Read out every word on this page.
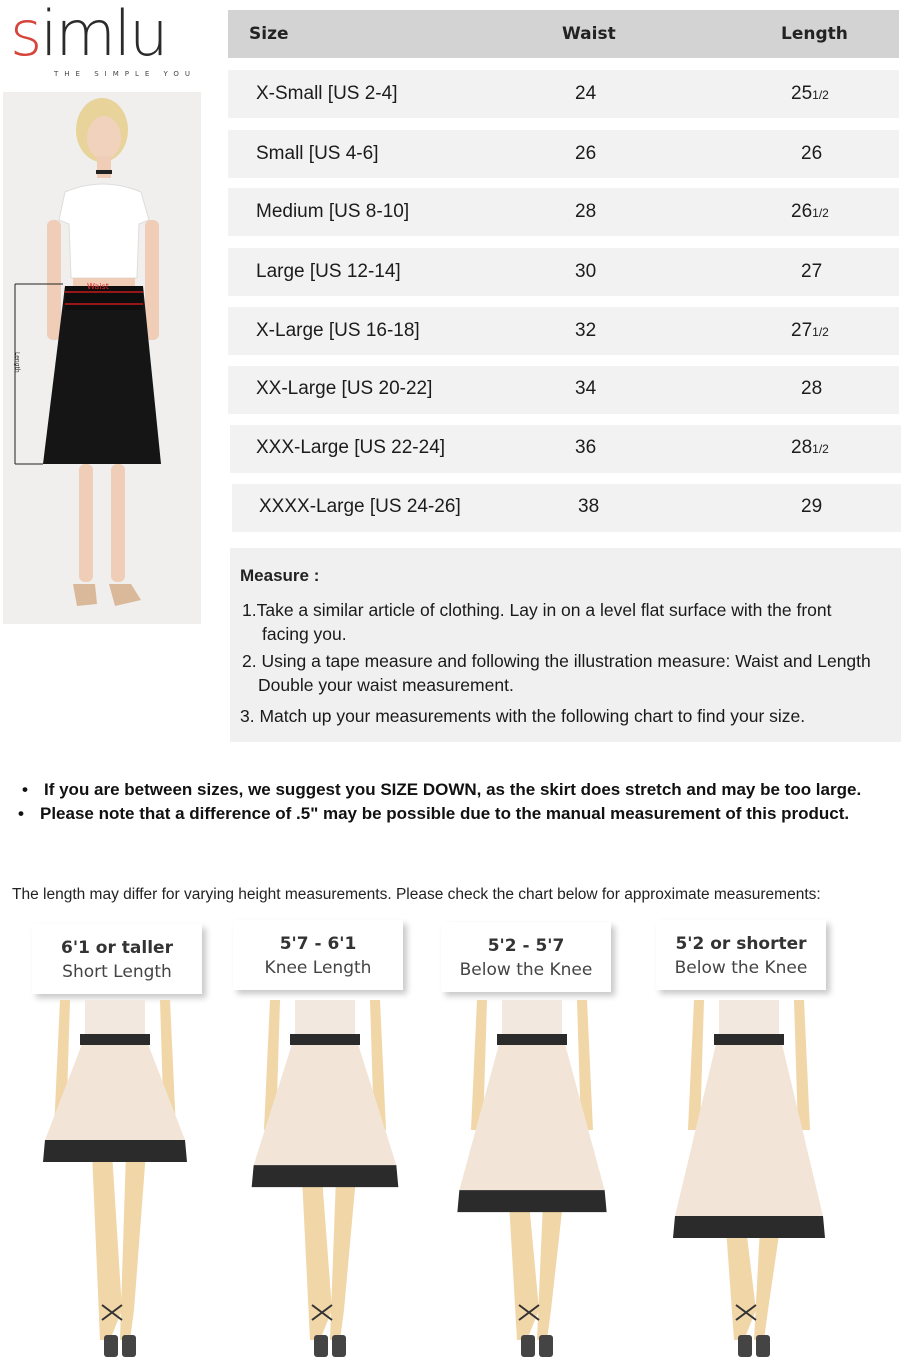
simlu
THE SIMPLE YOU
Waist
Length
Size	Waist	Length
X-Small [US 2-4]	24	251/2
Small [US 4-6]	26	26
Medium [US 8-10]	28	261/2
Large [US 12-14]	30	27
X-Large [US 16-18]	32	271/2
XX-Large [US 20-22]	34	28
XXX-Large [US 22-24]	36	281/2
XXXX-Large [US 24-26]	38	29
Measure :
1.Take a similar article of clothing. Lay in on a level flat surface with the front
facing you.
2. Using a tape measure and following the illustration measure: Waist and Length
Double your waist measurement.
3. Match up your measurements with the following chart to find your size.
• If you are between sizes, we suggest you SIZE DOWN, as the skirt does stretch and may be too large.
• Please note that a difference of .5" may be possible due to the manual measurement of this product.
The length may differ for varying height measurements. Please check the chart below for approximate measurements:
6'1 or taller
Short Length
5'7 - 6'1
Knee Length
5'2 - 5'7
Below the Knee
5'2 or shorter
Below the Knee
